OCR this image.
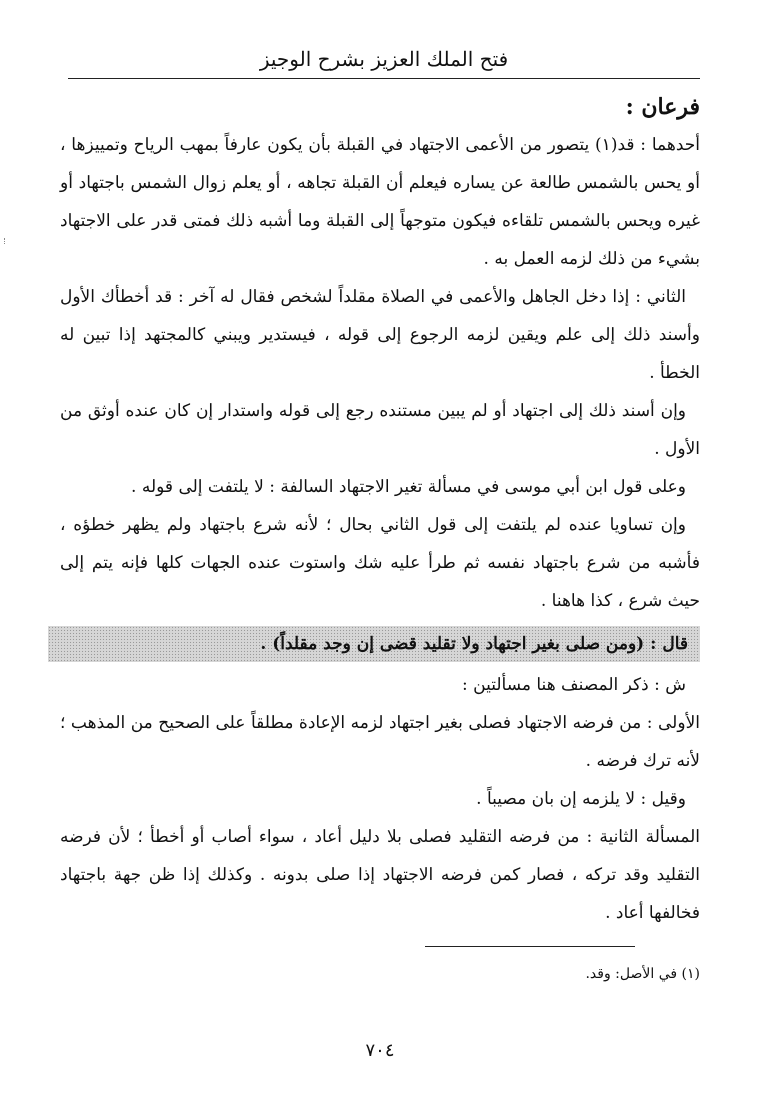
فتح الملك العزيز بشرح الوجيز

فرعان :

أحدهما : قد(١) يتصور من الأعمى الاجتهاد في القبلة بأن يكون عارفاً بمهب الرياح وتمييزها ، أو يحس بالشمس طالعة عن يساره فيعلم أن القبلة تجاهه ، أو يعلم زوال الشمس باجتهاد أو غيره ويحس بالشمس تلقاءه فيكون متوجهاً إلى القبلة وما أشبه ذلك فمتى قدر على الاجتهاد بشيء من ذلك لزمه العمل به .

الثاني : إذا دخل الجاهل والأعمى في الصلاة مقلداً لشخص فقال له آخر : قد أخطأك الأول وأسند ذلك إلى علم ويقين لزمه الرجوع إلى قوله ، فيستدير ويبني كالمجتهد إذا تبين له الخطأ .

وإن أسند ذلك إلى اجتهاد أو لم يبين مستنده رجع إلى قوله واستدار إن كان عنده أوثق من الأول .

وعلى قول ابن أبي موسى في مسألة تغير الاجتهاد السالفة : لا يلتفت إلى قوله .

وإن تساويا عنده لم يلتفت إلى قول الثاني بحال ؛ لأنه شرع باجتهاد ولم يظهر خطؤه ، فأشبه من شرع باجتهاد نفسه ثم طرأ عليه شك واستوت عنده الجهات كلها فإنه يتم إلى حيث شرع ، كذا هاهنا .

قال : (ومن صلى بغير اجتهاد ولا تقليد قضى إن وجد مقلداً) .

ش : ذكر المصنف هنا مسألتين :

الأولى : من فرضه الاجتهاد فصلى بغير اجتهاد لزمه الإعادة مطلقاً على الصحيح من المذهب ؛ لأنه ترك فرضه .

وقيل : لا يلزمه إن بان مصيباً .

المسألة الثانية : من فرضه التقليد فصلى بلا دليل أعاد ، سواء أصاب أو أخطأ ؛ لأن فرضه التقليد وقد تركه ، فصار كمن فرضه الاجتهاد إذا صلى بدونه . وكذلك إذا ظن جهة باجتهاد فخالفها أعاد .

(١) في الأصل: وقد.
٧٠٤
